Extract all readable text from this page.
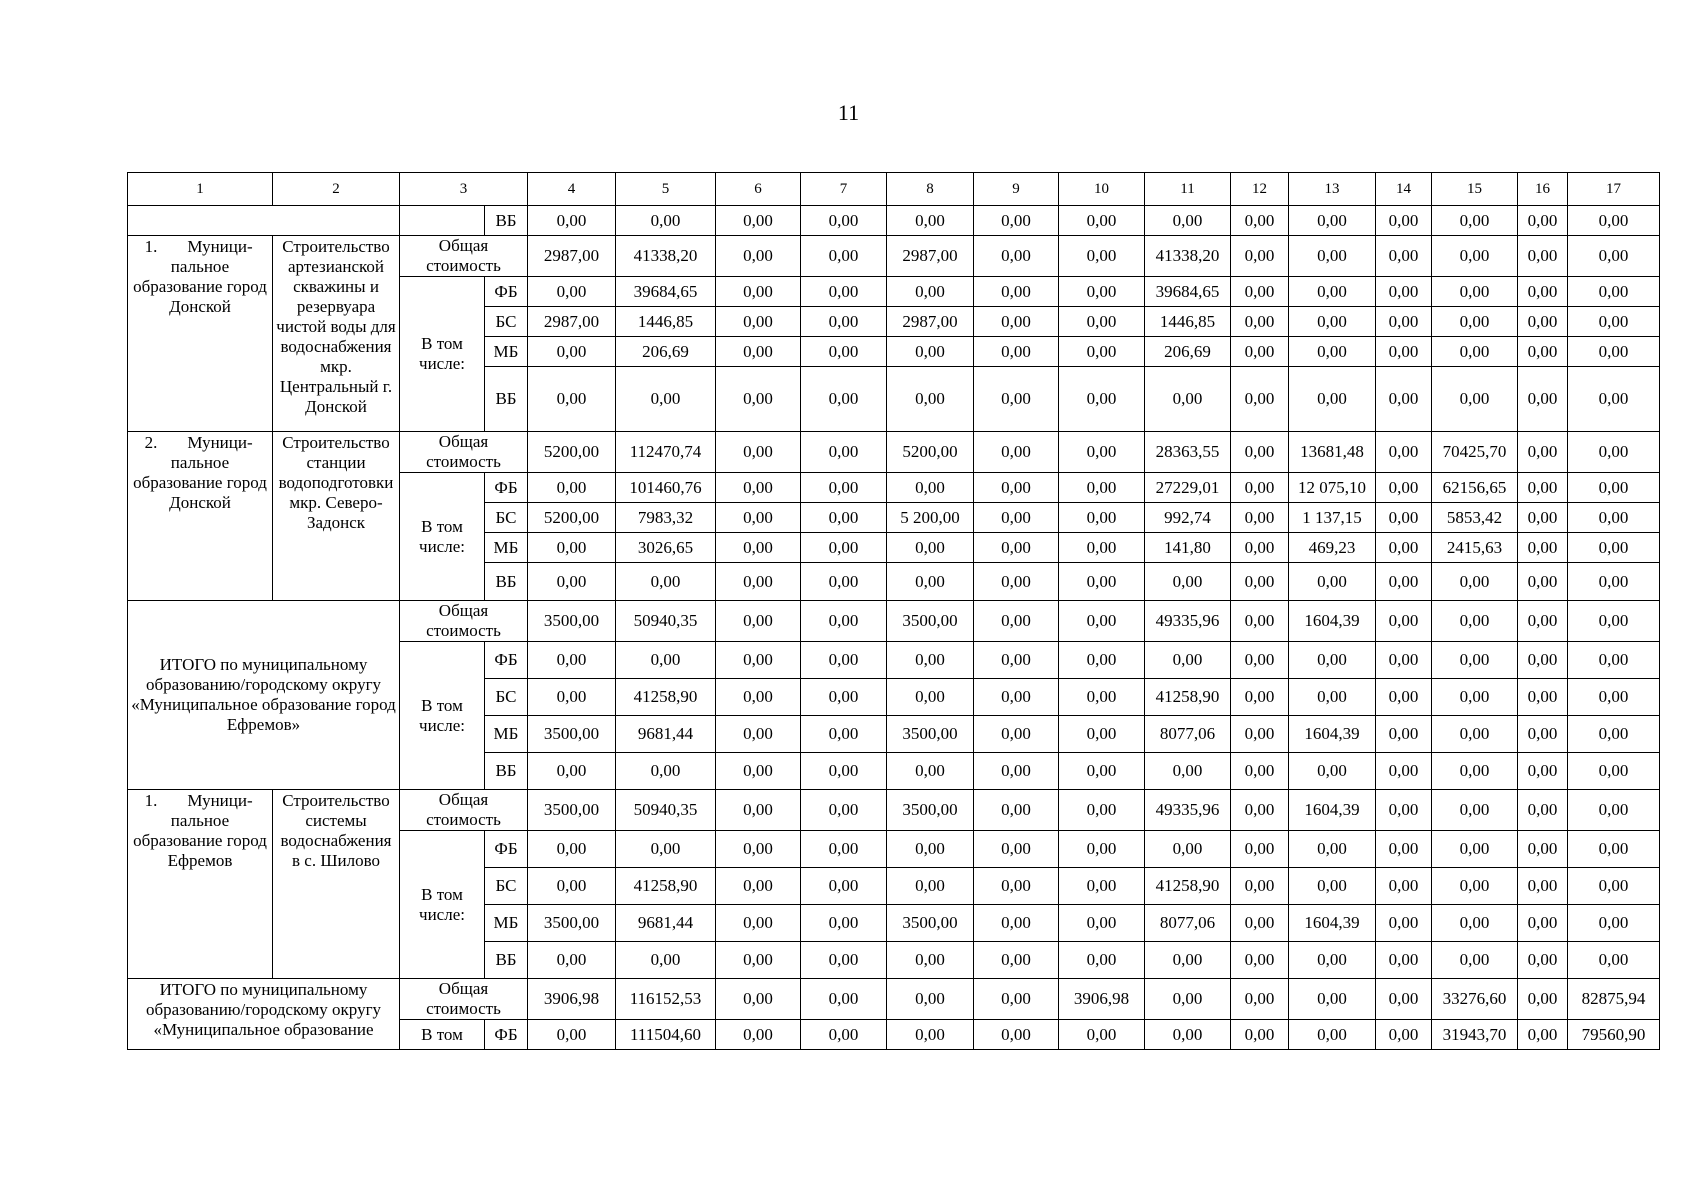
11
1	2	3		4	5	6	7	8	9	10	11	12	13	14	15	16	17
			ВБ	0,00	0,00	0,00	0,00	0,00	0,00	0,00	0,00	0,00	0,00	0,00	0,00	0,00	0,00

1. Муници-пальное образование город Донской	Строительство артезианской скважины и резервуара чистой воды для водоснабжения мкр. Центральный г. Донской	Общая стоимость		2987,00	41338,20	0,00	0,00	2987,00	0,00	0,00	41338,20	0,00	0,00	0,00	0,00	0,00	0,00
		В том числе:	ФБ	0,00	39684,65	0,00	0,00	0,00	0,00	0,00	39684,65	0,00	0,00	0,00	0,00	0,00	0,00
			БС	2987,00	1446,85	0,00	0,00	2987,00	0,00	0,00	1446,85	0,00	0,00	0,00	0,00	0,00	0,00
			МБ	0,00	206,69	0,00	0,00	0,00	0,00	0,00	206,69	0,00	0,00	0,00	0,00	0,00	0,00
			ВБ	0,00	0,00	0,00	0,00	0,00	0,00	0,00	0,00	0,00	0,00	0,00	0,00	0,00	0,00

2. Муници-пальное образование город Донской	Строительство станции водоподготовки мкр. Северо-Задонск	Общая стоимость		5200,00	112470,74	0,00	0,00	5200,00	0,00	0,00	28363,55	0,00	13681,48	0,00	70425,70	0,00	0,00
		В том числе:	ФБ	0,00	101460,76	0,00	0,00	0,00	0,00	0,00	27229,01	0,00	12 075,10	0,00	62156,65	0,00	0,00
			БС	5200,00	7983,32	0,00	0,00	5 200,00	0,00	0,00	992,74	0,00	1 137,15	0,00	5853,42	0,00	0,00
			МБ	0,00	3026,65	0,00	0,00	0,00	0,00	0,00	141,80	0,00	469,23	0,00	2415,63	0,00	0,00
			ВБ	0,00	0,00	0,00	0,00	0,00	0,00	0,00	0,00	0,00	0,00	0,00	0,00	0,00	0,00
ИТОГО по муниципальному образованию/городскому округу «Муниципальное образование город Ефремов»		Общая стоимость		3500,00	50940,35	0,00	0,00	3500,00	0,00	0,00	49335,96	0,00	1604,39	0,00	0,00	0,00	0,00
		В том числе:	ФБ	0,00	0,00	0,00	0,00	0,00	0,00	0,00	0,00	0,00	0,00	0,00	0,00	0,00	0,00
			БС	0,00	41258,90	0,00	0,00	0,00	0,00	0,00	41258,90	0,00	0,00	0,00	0,00	0,00	0,00
			МБ	3500,00	9681,44	0,00	0,00	3500,00	0,00	0,00	8077,06	0,00	1604,39	0,00	0,00	0,00	0,00
			ВБ	0,00	0,00	0,00	0,00	0,00	0,00	0,00	0,00	0,00	0,00	0,00	0,00	0,00	0,00

1. Муници-пальное образование город Ефремов	Строительство системы водоснабжения в с. Шилово	Общая стоимость		3500,00	50940,35	0,00	0,00	3500,00	0,00	0,00	49335,96	0,00	1604,39	0,00	0,00	0,00	0,00
		В том числе:	ФБ	0,00	0,00	0,00	0,00	0,00	0,00	0,00	0,00	0,00	0,00	0,00	0,00	0,00	0,00
			БС	0,00	41258,90	0,00	0,00	0,00	0,00	0,00	41258,90	0,00	0,00	0,00	0,00	0,00	0,00
			МБ	3500,00	9681,44	0,00	0,00	3500,00	0,00	0,00	8077,06	0,00	1604,39	0,00	0,00	0,00	0,00
			ВБ	0,00	0,00	0,00	0,00	0,00	0,00	0,00	0,00	0,00	0,00	0,00	0,00	0,00	0,00
ИТОГО по муниципальному образованию/городскому округу «Муниципальное образование		Общая стоимость		3906,98	116152,53	0,00	0,00	0,00	0,00	3906,98	0,00	0,00	0,00	0,00	33276,60	0,00	82875,94
		В том	ФБ	0,00	111504,60	0,00	0,00	0,00	0,00	0,00	0,00	0,00	0,00	0,00	31943,70	0,00	79560,90
